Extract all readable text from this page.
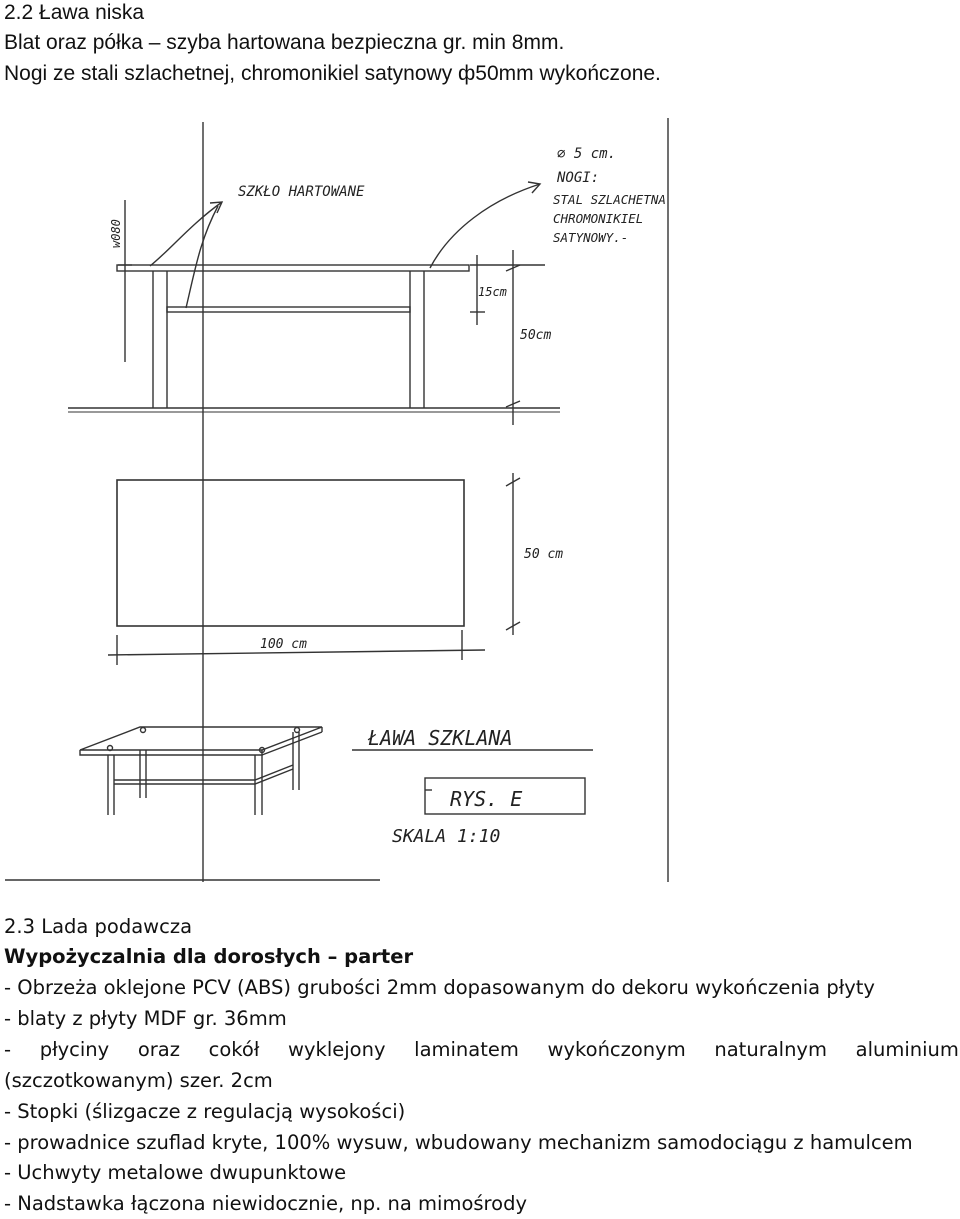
2.2 Ława niska
Blat oraz półka – szyba hartowana bezpieczna gr. min 8mm.
Nogi ze stali szlachetnej, chromonikiel satynowy ф50mm wykończone.
SZKŁO HARTOWANE
⌀ 5 cm.
NOGI:
STAL SZLACHETNA
CHROMONIKIEL
SATYNOWY.-
w080
15cm
50cm
50 cm
100 cm
ŁAWA SZKLANA
RYS. E
SKALA 1:10
2.3 Lada podawcza
Wypożyczalnia dla dorosłych – parter
- Obrzeża oklejone PCV (ABS) grubości 2mm dopasowanym do dekoru wykończenia płyty
- blaty z płyty MDF gr. 36mm
- płyciny oraz cokół wyklejony laminatem wykończonym naturalnym aluminium
(szczotkowanym) szer. 2cm
- Stopki (ślizgacze z regulacją wysokości)
- prowadnice szuflad kryte, 100% wysuw, wbudowany mechanizm samodociągu z hamulcem
- Uchwyty metalowe dwupunktowe
- Nadstawka łączona niewidocznie, np. na mimośrody
